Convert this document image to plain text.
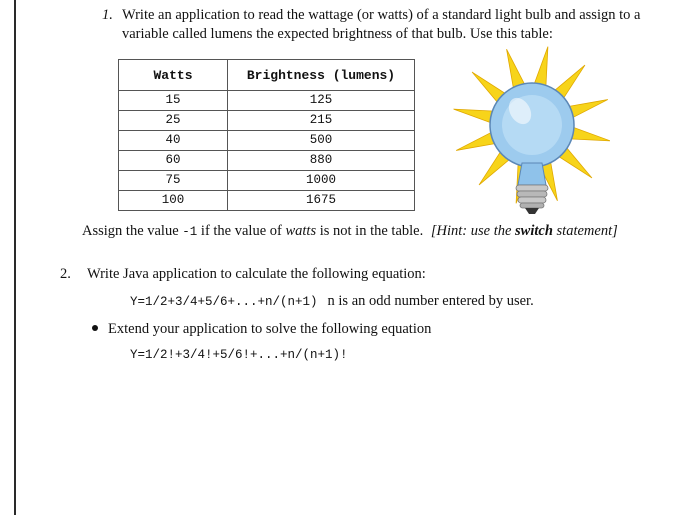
1. Write an application to read the wattage (or watts) of a standard light bulb and assign to a
variable called lumens the expected brightness of that bulb. Use this table:
Watts	Brightness (lumens)
15	125
25	215
40	500
60	880
75	1000
100	1675
Assign the value -1 if the value of watts is not in the table. [Hint: use the switch statement]
2. Write Java application to calculate the following equation:
Y=1/2+3/4+5/6+...+n/(n+1) n is an odd number entered by user.
Extend your application to solve the following equation
Y=1/2!+3/4!+5/6!+...+n/(n+1)!
